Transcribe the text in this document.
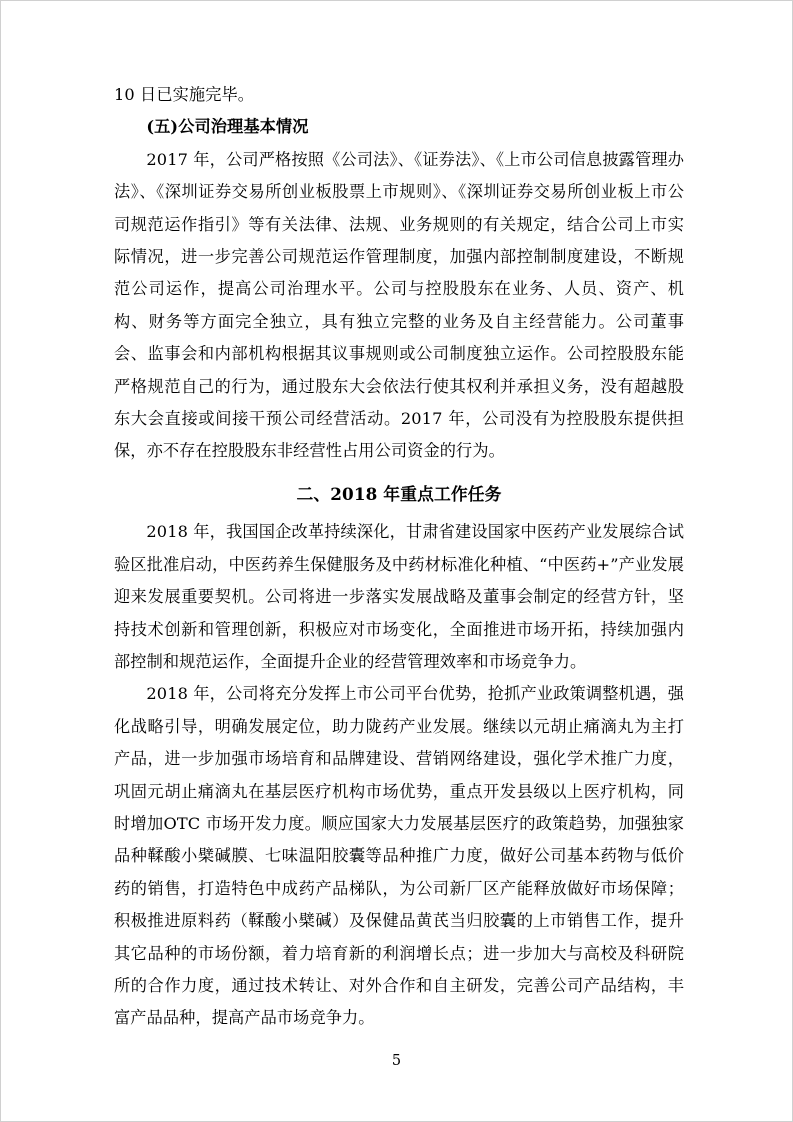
10 日已实施完毕。

(五)公司治理基本情况

2017 年，公司严格按照《公司法》、《证券法》、《上市公司信息披露管理办法》、《深圳证券交易所创业板股票上市规则》、《深圳证券交易所创业板上市公司规范运作指引》等有关法律、法规、业务规则的有关规定，结合公司上市实际情况，进一步完善公司规范运作管理制度，加强内部控制制度建设，不断规范公司运作，提高公司治理水平。公司与控股股东在业务、人员、资产、机构、财务等方面完全独立，具有独立完整的业务及自主经营能力。公司董事会、监事会和内部机构根据其议事规则或公司制度独立运作。公司控股股东能严格规范自己的行为，通过股东大会依法行使其权利并承担义务，没有超越股东大会直接或间接干预公司经营活动。2017 年，公司没有为控股股东提供担保，亦不存在控股股东非经营性占用公司资金的行为。

二、2018 年重点工作任务

2018 年，我国国企改革持续深化，甘肃省建设国家中医药产业发展综合试验区批准启动，中医药养生保健服务及中药材标准化种植、“中医药+”产业发展迎来发展重要契机。公司将进一步落实发展战略及董事会制定的经营方针，坚持技术创新和管理创新，积极应对市场变化，全面推进市场开拓，持续加强内部控制和规范运作，全面提升企业的经营管理效率和市场竞争力。

2018 年，公司将充分发挥上市公司平台优势，抢抓产业政策调整机遇，强化战略引导，明确发展定位，助力陇药产业发展。继续以元胡止痛滴丸为主打产品，进一步加强市场培育和品牌建设、营销网络建设，强化学术推广力度，巩固元胡止痛滴丸在基层医疗机构市场优势，重点开发县级以上医疗机构，同时增加OTC 市场开发力度。顺应国家大力发展基层医疗的政策趋势，加强独家品种鞣酸小檗碱膜、七味温阳胶囊等品种推广力度，做好公司基本药物与低价药的销售，打造特色中成药产品梯队，为公司新厂区产能释放做好市场保障；积极推进原料药（鞣酸小檗碱）及保健品黄芪当归胶囊的上市销售工作，提升其它品种的市场份额，着力培育新的利润增长点；进一步加大与高校及科研院所的合作力度，通过技术转让、对外合作和自主研发，完善公司产品结构，丰富产品品种，提高产品市场竞争力。

5
